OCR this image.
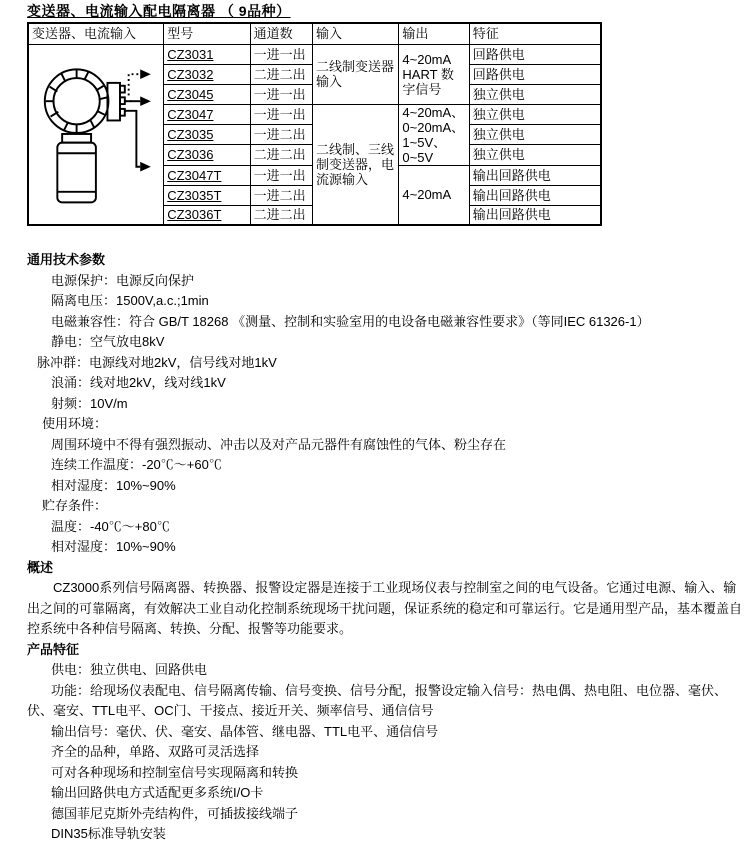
变送器、电流输入配电隔离器 （ 9品种）
变送器、电流输入	型号	通道数	输入	输出	特征
	CZ3031	一进一出	二线制变送器输入	4~20mA HART 数字信号	回路供电
	CZ3032	二进二出			回路供电
	CZ3045	一进一出			独立供电
	CZ3047	一进一出	二线制、三线制变送器，电流源输入	4~20mA、0~20mA、1~5V、0~5V	独立供电
	CZ3035	一进二出			独立供电
	CZ3036	二进二出			独立供电
	CZ3047T	一进一出		4~20mA	输出回路供电
	CZ3035T	一进二出			输出回路供电
	CZ3036T	二进二出			输出回路供电
通用技术参数
电源保护：电源反向保护
隔离电压：1500V,a.c.;1min
电磁兼容性：符合 GB/T 18268 《测量、控制和实验室用的电设备电磁兼容性要求》（等同IEC 61326-1）
静电：空气放电8kV
脉冲群：电源线对地2kV，信号线对地1kV
浪涌：线对地2kV，线对线1kV
射频：10V/m
使用环境：
周围环境中不得有强烈振动、冲击以及对产品元器件有腐蚀性的气体、粉尘存在
连续工作温度：-20℃～+60℃
相对湿度：10%~90%
贮存条件：
温度：-40℃～+80℃
相对湿度：10%~90%
概述
CZ3000系列信号隔离器、转换器、报警设定器是连接于工业现场仪表与控制室之间的电气设备。它通过电源、输入、输出之间的可靠隔离，有效解决工业自动化控制系统现场干扰问题，保证系统的稳定和可靠运行。它是通用型产品，基本覆盖自控系统中各种信号隔离、转换、分配、报警等功能要求。
产品特征
供电：独立供电、回路供电
功能：给现场仪表配电、信号隔离传输、信号变换、信号分配，报警设定输入信号：热电偶、热电阻、电位器、毫伏、伏、毫安、TTL电平、OC门、干接点、接近开关、频率信号、通信信号
输出信号：毫伏、伏、毫安、晶体管、继电器、TTL电平、通信信号
齐全的品种，单路、双路可灵活选择
可对各种现场和控制室信号实现隔离和转换
输出回路供电方式适配更多系统I/O卡
德国菲尼克斯外壳结构件，可插拔接线端子
DIN35标准导轨安装
